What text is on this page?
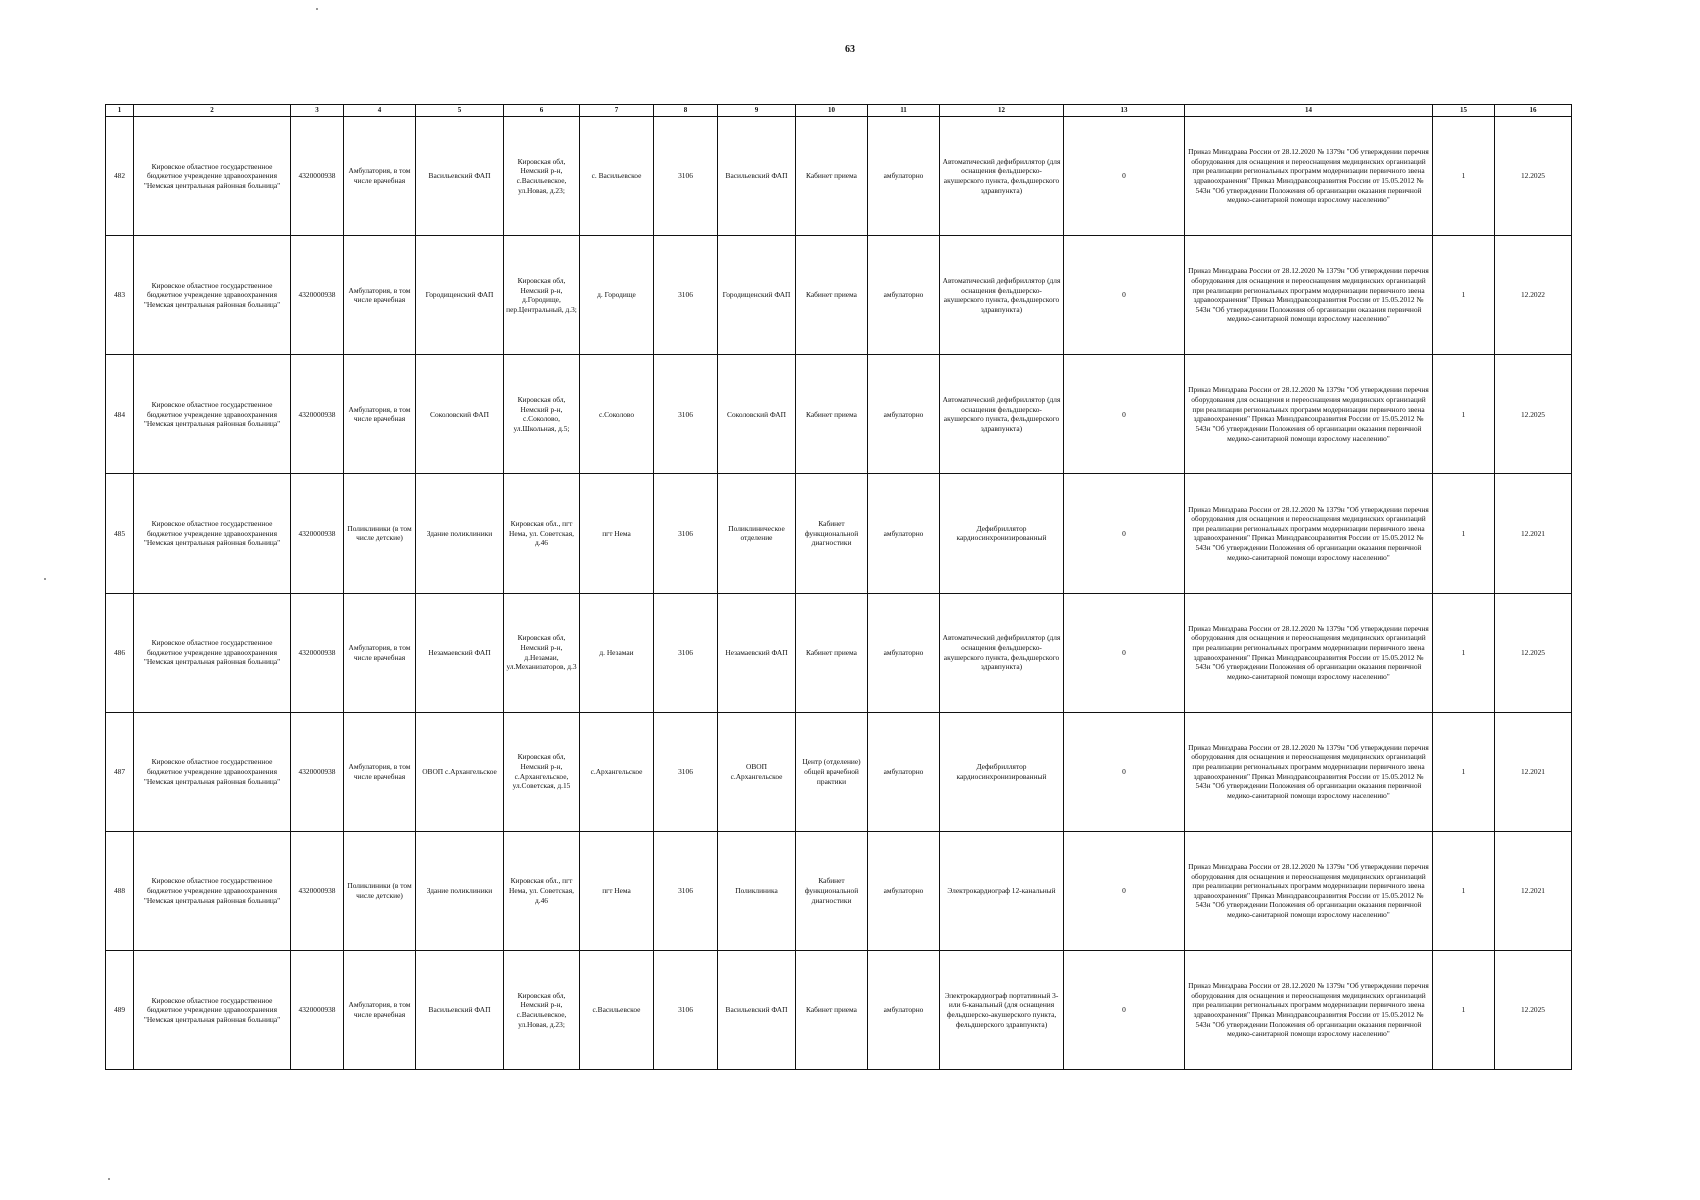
63
1	2	3	4	5	6	7	8	9	10	11	12	13	14	15	16
482	Кировское областное государственное бюджетное учреждение здравоохранения "Немская центральная районная больница"	4320000938	Амбулатория, в том числе врачебная	Васильевский ФАП	Кировская обл, Немский р-н, с.Васильевское, ул.Новая, д.23;	с. Васильевское	3106	Васильевский ФАП	Кабинет приема	амбулаторно	Автоматический дефибриллятор (для оснащения фельдшерско-акушерского пункта, фельдшерского здравпункта)	0	Приказ Минздрава России от 28.12.2020 № 1379н "Об утверждении перечня оборудования для оснащения и переоснащения медицинских организаций при реализации региональных программ модернизации первичного звена здравоохранения" Приказ Минздравсоцразвития России от 15.05.2012 № 543н "Об утверждении Положения об организации оказания первичной медико-санитарной помощи взрослому населению"	1	12.2025
483	Кировское областное государственное бюджетное учреждение здравоохранения "Немская центральная районная больница"	4320000938	Амбулатория, в том числе врачебная	Городищенский ФАП	Кировская обл, Немский р-н, д.Городище, пер.Центральный, д.3;	д. Городище	3106	Городищенский ФАП	Кабинет приема	амбулаторно	Автоматический дефибриллятор (для оснащения фельдшерско-акушерского пункта, фельдшерского здравпункта)	0	Приказ Минздрава России от 28.12.2020 № 1379н "Об утверждении перечня оборудования для оснащения и переоснащения медицинских организаций при реализации региональных программ модернизации первичного звена здравоохранения" Приказ Минздравсоцразвития России от 15.05.2012 № 543н "Об утверждении Положения об организации оказания первичной медико-санитарной помощи взрослому населению"	1	12.2022
484	Кировское областное государственное бюджетное учреждение здравоохранения "Немская центральная районная больница"	4320000938	Амбулатория, в том числе врачебная	Соколовский ФАП	Кировская обл, Немский р-н, с.Соколово, ул.Школьная, д.5;	с.Соколово	3106	Соколовский ФАП	Кабинет приема	амбулаторно	Автоматический дефибриллятор (для оснащения фельдшерско-акушерского пункта, фельдшерского здравпункта)	0	Приказ Минздрава России от 28.12.2020 № 1379н "Об утверждении перечня оборудования для оснащения и переоснащения медицинских организаций при реализации региональных программ модернизации первичного звена здравоохранения" Приказ Минздравсоцразвития России от 15.05.2012 № 543н "Об утверждении Положения об организации оказания первичной медико-санитарной помощи взрослому населению"	1	12.2025
485	Кировское областное государственное бюджетное учреждение здравоохранения "Немская центральная районная больница"	4320000938	Поликлиники (в том числе детские)	Здание поликлиники	Кировская обл., пгт Нема, ул. Советская, д.46	пгт Нема	3106	Поликлиническое отделение	Кабинет функциональной диагностики	амбулаторно	Дефибриллятор кардиосинхронизированный	0	Приказ Минздрава России от 28.12.2020 № 1379н "Об утверждении перечня оборудования для оснащения и переоснащения медицинских организаций при реализации региональных программ модернизации первичного звена здравоохранения" Приказ Минздравсоцразвития России от 15.05.2012 № 543н "Об утверждении Положения об организации оказания первичной медико-санитарной помощи взрослому населению"	1	12.2021
486	Кировское областное государственное бюджетное учреждение здравоохранения "Немская центральная районная больница"	4320000938	Амбулатория, в том числе врачебная	Незамаевский ФАП	Кировская обл, Немский р-н, д.Незамаи, ул.Механизаторов, д.3	д. Незамаи	3106	Незамаевский ФАП	Кабинет приема	амбулаторно	Автоматический дефибриллятор (для оснащения фельдшерско-акушерского пункта, фельдшерского здравпункта)	0	Приказ Минздрава России от 28.12.2020 № 1379н "Об утверждении перечня оборудования для оснащения и переоснащения медицинских организаций при реализации региональных программ модернизации первичного звена здравоохранения" Приказ Минздравсоцразвития России от 15.05.2012 № 543н "Об утверждении Положения об организации оказания первичной медико-санитарной помощи взрослому населению"	1	12.2025
487	Кировское областное государственное бюджетное учреждение здравоохранения "Немская центральная районная больница"	4320000938	Амбулатория, в том числе врачебная	ОВОП с.Архангельское	Кировская обл, Немский р-н, с.Архангельское, ул.Советская, д.15	с.Архангельское	3106	ОВОП с.Архангельское	Центр (отделение) общей врачебной практики	амбулаторно	Дефибриллятор кардиосинхронизированный	0	Приказ Минздрава России от 28.12.2020 № 1379н "Об утверждении перечня оборудования для оснащения и переоснащения медицинских организаций при реализации региональных программ модернизации первичного звена здравоохранения" Приказ Минздравсоцразвития России от 15.05.2012 № 543н "Об утверждении Положения об организации оказания первичной медико-санитарной помощи взрослому населению"	1	12.2021
488	Кировское областное государственное бюджетное учреждение здравоохранения "Немская центральная районная больница"	4320000938	Поликлиники (в том числе детские)	Здание поликлиники	Кировская обл., пгт Нема, ул. Советская, д.46	пгт Нема	3106	Поликлиника	Кабинет функциональной диагностики	амбулаторно	Электрокардиограф 12-канальный	0	Приказ Минздрава России от 28.12.2020 № 1379н "Об утверждении перечня оборудования для оснащения и переоснащения медицинских организаций при реализации региональных программ модернизации первичного звена здравоохранения" Приказ Минздравсоцразвития России от 15.05.2012 № 543н "Об утверждении Положения об организации оказания первичной медико-санитарной помощи взрослому населению"	1	12.2021
489	Кировское областное государственное бюджетное учреждение здравоохранения "Немская центральная районная больница"	4320000938	Амбулатория, в том числе врачебная	Васильевский ФАП	Кировская обл, Немский р-н, с.Васильевское, ул.Новая, д.23;	с.Васильевское	3106	Васильевский ФАП	Кабинет приема	амбулаторно	Электрокардиограф портативный 3- или 6-канальный (для оснащения фельдшерско-акушерского пункта, фельдшерского здравпункта)	0	Приказ Минздрава России от 28.12.2020 № 1379н "Об утверждении перечня оборудования для оснащения и переоснащения медицинских организаций при реализации региональных программ модернизации первичного звена здравоохранения" Приказ Минздравсоцразвития России от 15.05.2012 № 543н "Об утверждении Положения об организации оказания первичной медико-санитарной помощи взрослому населению"	1	12.2025
